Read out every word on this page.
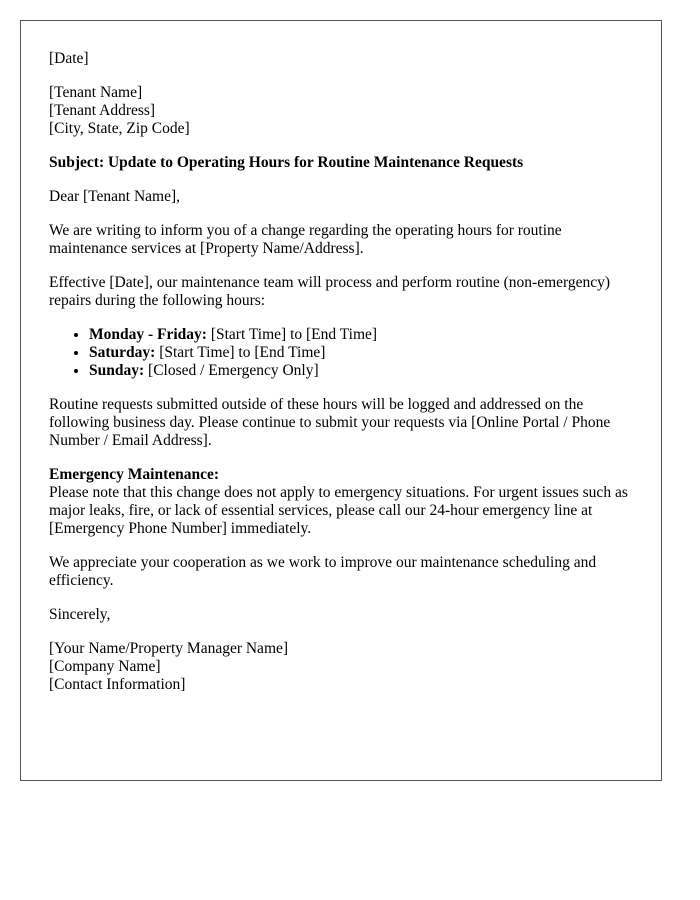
[Date]

[Tenant Name]
[Tenant Address]
[City, State, Zip Code]

Subject: Update to Operating Hours for Routine Maintenance Requests

Dear [Tenant Name],

We are writing to inform you of a change regarding the operating hours for routine maintenance services at [Property Name/Address].

Effective [Date], our maintenance team will process and perform routine (non-emergency) repairs during the following hours:

• Monday - Friday: [Start Time] to [End Time]
• Saturday: [Start Time] to [End Time]
• Sunday: [Closed / Emergency Only]

Routine requests submitted outside of these hours will be logged and addressed on the following business day. Please continue to submit your requests via [Online Portal / Phone Number / Email Address].

Emergency Maintenance:
Please note that this change does not apply to emergency situations. For urgent issues such as major leaks, fire, or lack of essential services, please call our 24-hour emergency line at [Emergency Phone Number] immediately.

We appreciate your cooperation as we work to improve our maintenance scheduling and efficiency.

Sincerely,

[Your Name/Property Manager Name]
[Company Name]
[Contact Information]
